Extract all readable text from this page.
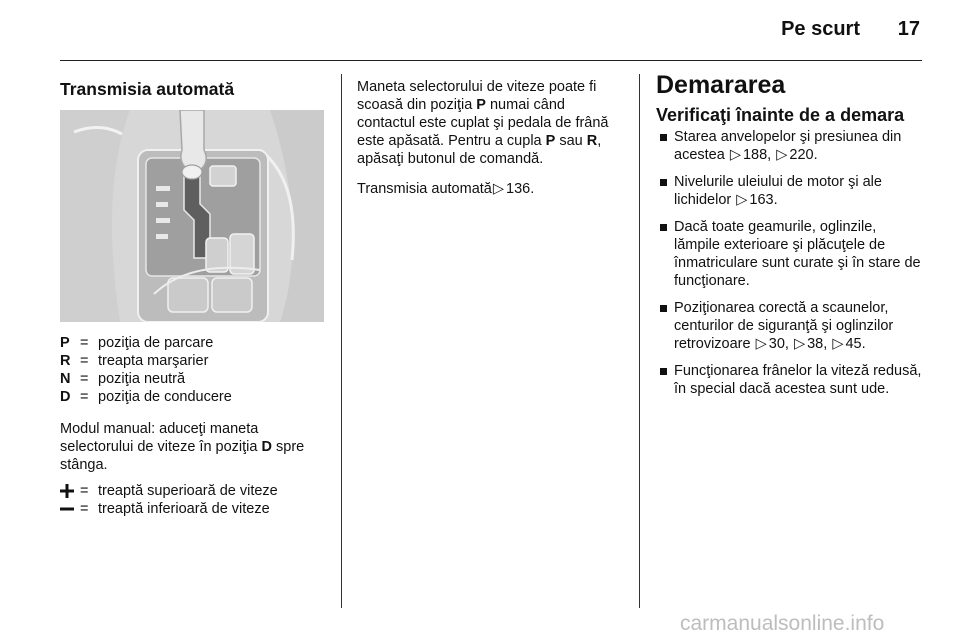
Pe scurt	17
Transmisia automată
P = poziţia de parcare
R = treapta marşarier
N = poziţia neutră
D = poziţia de conducere

Modul manual: aduceţi maneta selectorului de viteze în poziţia D spre stânga.

= treaptă superioară de viteze
= treaptă inferioară de viteze

Maneta selectorului de viteze poate fi scoasă din poziţia P numai când contactul este cuplat şi pedala de frână este apăsată. Pentru a cupla P sau R, apăsaţi butonul de comandă.

Transmisia automată▷ 136.

Demararea
Verificaţi înainte de a demara
Starea anvelopelor şi presiunea din acestea ▷ 188, ▷ 220.
Nivelurile uleiului de motor şi ale lichidelor ▷ 163.
Dacă toate geamurile, oglinzile, lămpile exterioare şi plăcuţele de înmatriculare sunt curate şi în stare de funcţionare.
Poziţionarea corectă a scaunelor, centurilor de siguranţă şi oglinzilor retrovizoare ▷ 30, ▷ 38, ▷ 45.
Funcţionarea frânelor la viteză redusă, în special dacă acestea sunt ude.
carmanualsonline.info
